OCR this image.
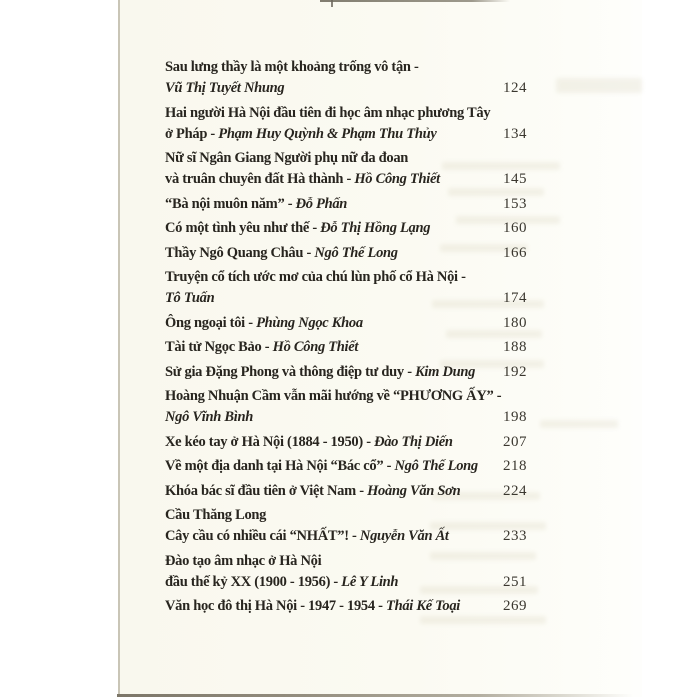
Sau lưng thầy là một khoảng trống vô tận -
Vũ Thị Tuyết Nhung	124
Hai người Hà Nội đầu tiên đi học âm nhạc phương Tây
ở Pháp - Phạm Huy Quỳnh & Phạm Thu Thủy	134
Nữ sĩ Ngân Giang Người phụ nữ đa đoan
và truân chuyên đất Hà thành - Hồ Công Thiết	145
“Bà nội muôn năm” - Đỗ Phấn	153
Có một tình yêu như thế - Đỗ Thị Hồng Lạng	160
Thầy Ngô Quang Châu - Ngô Thế Long	166
Truyện cổ tích ước mơ của chú lùn phố cổ Hà Nội -
Tô Tuấn	174
Ông ngoại tôi - Phùng Ngọc Khoa	180
Tài tử Ngọc Bảo - Hồ Công Thiết	188
Sử gia Đặng Phong và thông điệp tư duy - Kim Dung	192
Hoàng Nhuận Cầm vẫn mãi hướng về “PHƯƠNG ẤY” -
Ngô Vĩnh Bình	198
Xe kéo tay ở Hà Nội (1884 - 1950) - Đào Thị Diến	207
Về một địa danh tại Hà Nội “Bác cổ” - Ngô Thế Long	218
Khóa bác sĩ đầu tiên ở Việt Nam - Hoàng Văn Sơn	224
Cầu Thăng Long
Cây cầu có nhiều cái “NHẤT”! - Nguyễn Văn Ất	233
Đào tạo âm nhạc ở Hà Nội
đầu thế kỷ XX (1900 - 1956) - Lê Y Linh	251
Văn học đô thị Hà Nội - 1947 - 1954 - Thái Kế Toại	269
